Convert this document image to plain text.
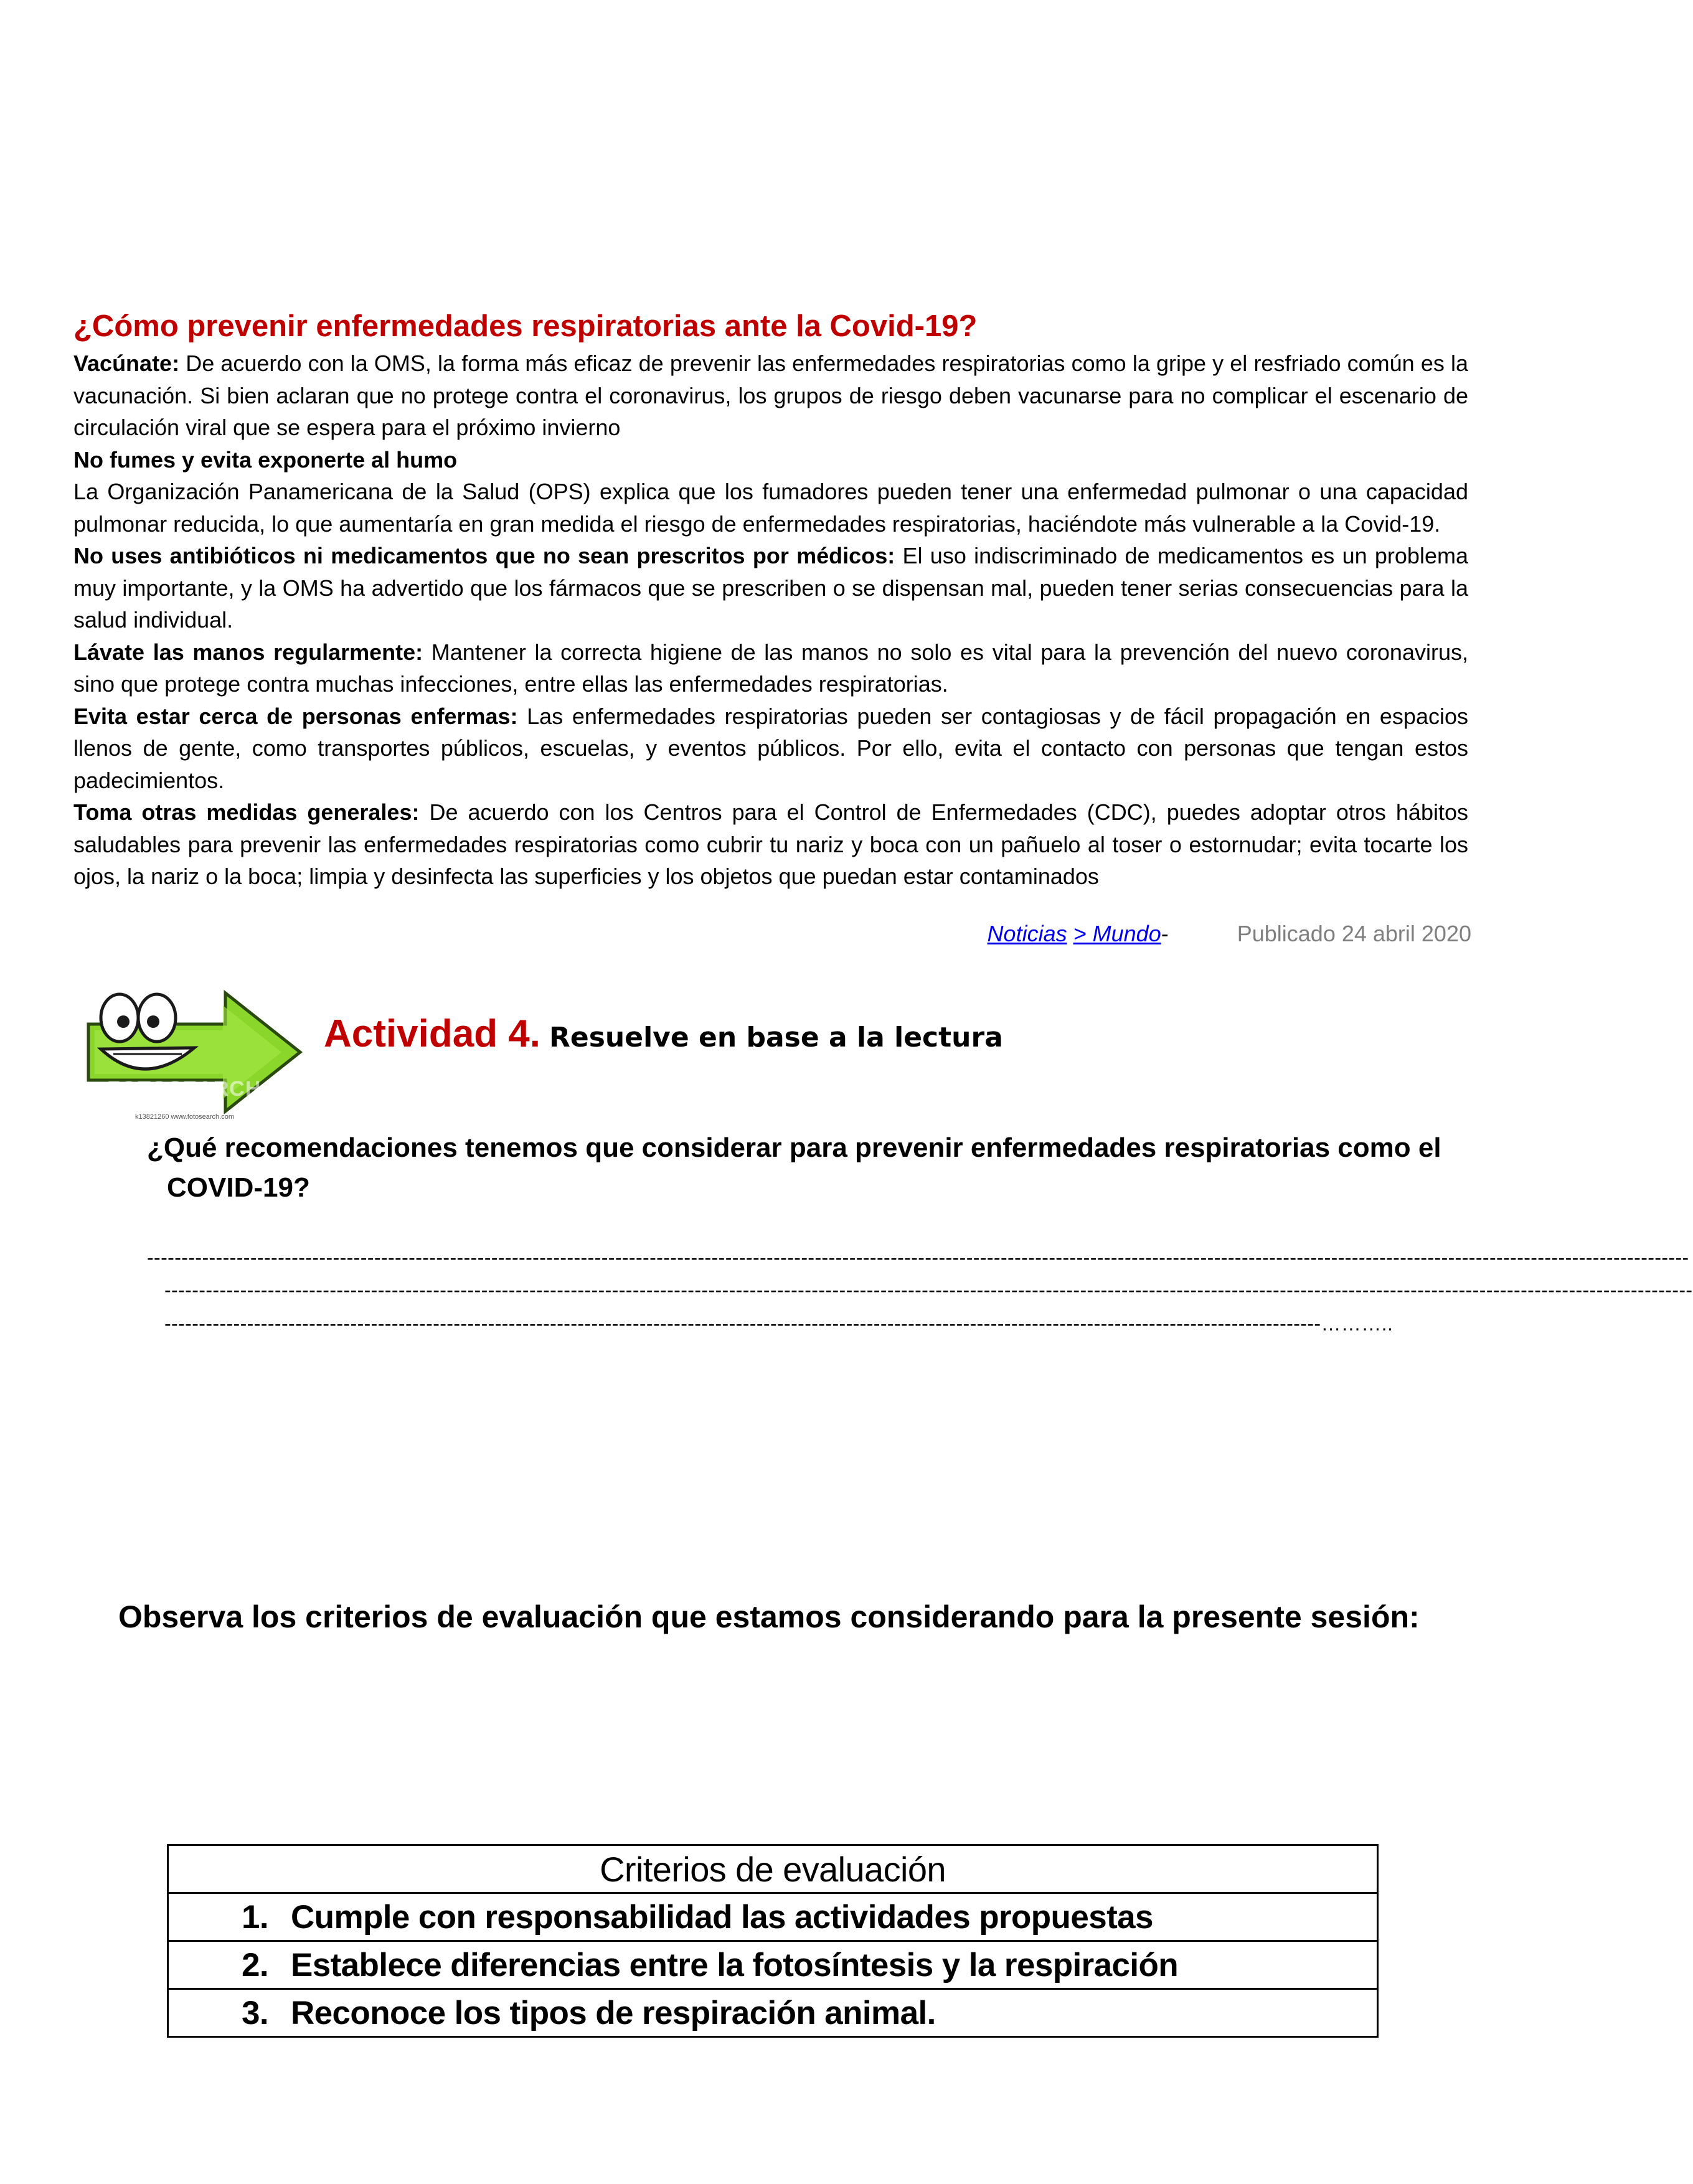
¿Cómo prevenir enfermedades respiratorias ante la Covid-19?

Vacúnate: De acuerdo con la OMS, la forma más eficaz de prevenir las enfermedades respiratorias como la gripe y el resfriado común es la vacunación. Si bien aclaran que no protege contra el coronavirus, los grupos de riesgo deben vacunarse para no complicar el escenario de circulación viral que se espera para el próximo invierno

No fumes y evita exponerte al humo

La Organización Panamericana de la Salud (OPS) explica que los fumadores pueden tener una enfermedad pulmonar o una capacidad pulmonar reducida, lo que aumentaría en gran medida el riesgo de enfermedades respiratorias, haciéndote más vulnerable a la Covid-19.

No uses antibióticos ni medicamentos que no sean prescritos por médicos: El uso indiscriminado de medicamentos es un problema muy importante, y la OMS ha advertido que los fármacos que se prescriben o se dispensan mal, pueden tener serias consecuencias para la salud individual.

Lávate las manos regularmente: Mantener la correcta higiene de las manos no solo es vital para la prevención del nuevo coronavirus, sino que protege contra muchas infecciones, entre ellas las enfermedades respiratorias.

Evita estar cerca de personas enfermas: Las enfermedades respiratorias pueden ser contagiosas y de fácil propagación en espacios llenos de gente, como transportes públicos, escuelas, y eventos públicos. Por ello, evita el contacto con personas que tengan estos padecimientos.

Toma otras medidas generales: De acuerdo con los Centros para el Control de Enfermedades (CDC), puedes adoptar otros hábitos saludables para prevenir las enfermedades respiratorias como cubrir tu nariz y boca con un pañuelo al toser o estornudar; evita tocarte los ojos, la nariz o la boca; limpia y desinfecta las superficies y los objetos que puedan estar contaminados

Noticias > Mundo-	Publicado 24 abril 2020
FOTOSEARCH
k13821260 www.fotosearch.com
Actividad 4. Resuelve en base a la lectura
¿Qué recomendaciones tenemos que considerar para prevenir enfermedades respiratorias como el
COVID-19?
--------------------------------------------------------------------------------------------------------------------------------------------------------------------------------------------------------------------------------
------------------------------------------------------------------------------------------------------------------------------------------------------------------------------------------------------------------------------
------------------------------------------------------------------------------------------------------------------------------------------------------------------------………..
Observa los criterios de evaluación que estamos considerando para la presente sesión:
Criterios de evaluación
1. Cumple con responsabilidad las actividades propuestas
2. Establece diferencias entre la fotosíntesis y la respiración
3. Reconoce los tipos de respiración animal.
